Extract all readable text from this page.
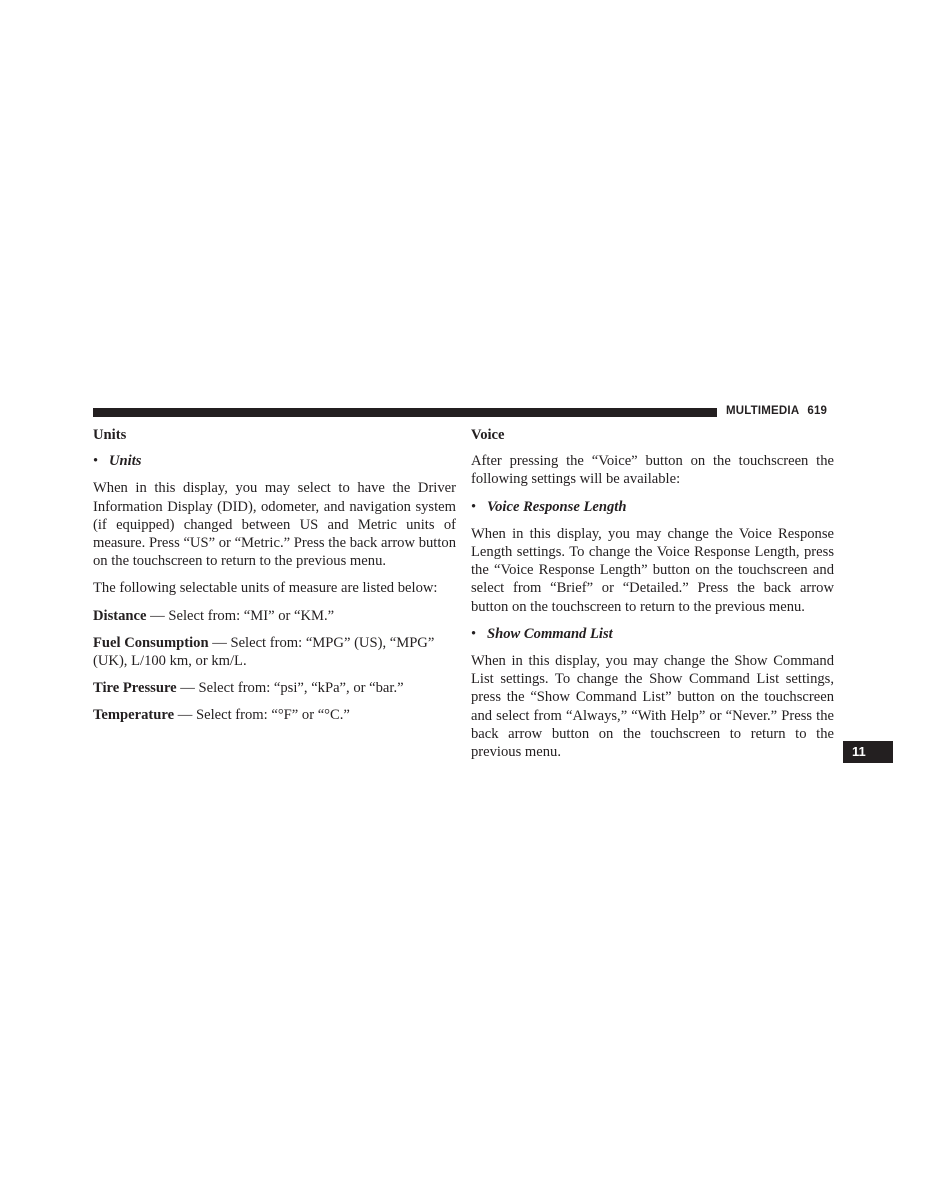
MULTIMEDIA 619
11

Units

• Units

When in this display, you may select to have the Driver Information Display (DID), odometer, and navigation system (if equipped) changed between US and Metric units of measure. Press “US” or “Metric.” Press the back arrow button on the touchscreen to return to the previous menu.

The following selectable units of measure are listed below:

Distance — Select from: “MI” or “KM.”

Fuel Consumption — Select from: “MPG” (US), “MPG” (UK), L/100 km, or km/L.

Tire Pressure — Select from: “psi”, “kPa”, or “bar.”

Temperature — Select from: “°F” or “°C.”

Voice

After pressing the “Voice” button on the touchscreen the following settings will be available:

• Voice Response Length

When in this display, you may change the Voice Response Length settings. To change the Voice Response Length, press the “Voice Response Length” button on the touchscreen and select from “Brief” or “Detailed.” Press the back arrow button on the touchscreen to return to the previous menu.

• Show Command List

When in this display, you may change the Show Command List settings. To change the Show Command List settings, press the “Show Command List” button on the touchscreen and select from “Always,” “With Help” or “Never.” Press the back arrow button on the touchscreen to return to the previous menu.
